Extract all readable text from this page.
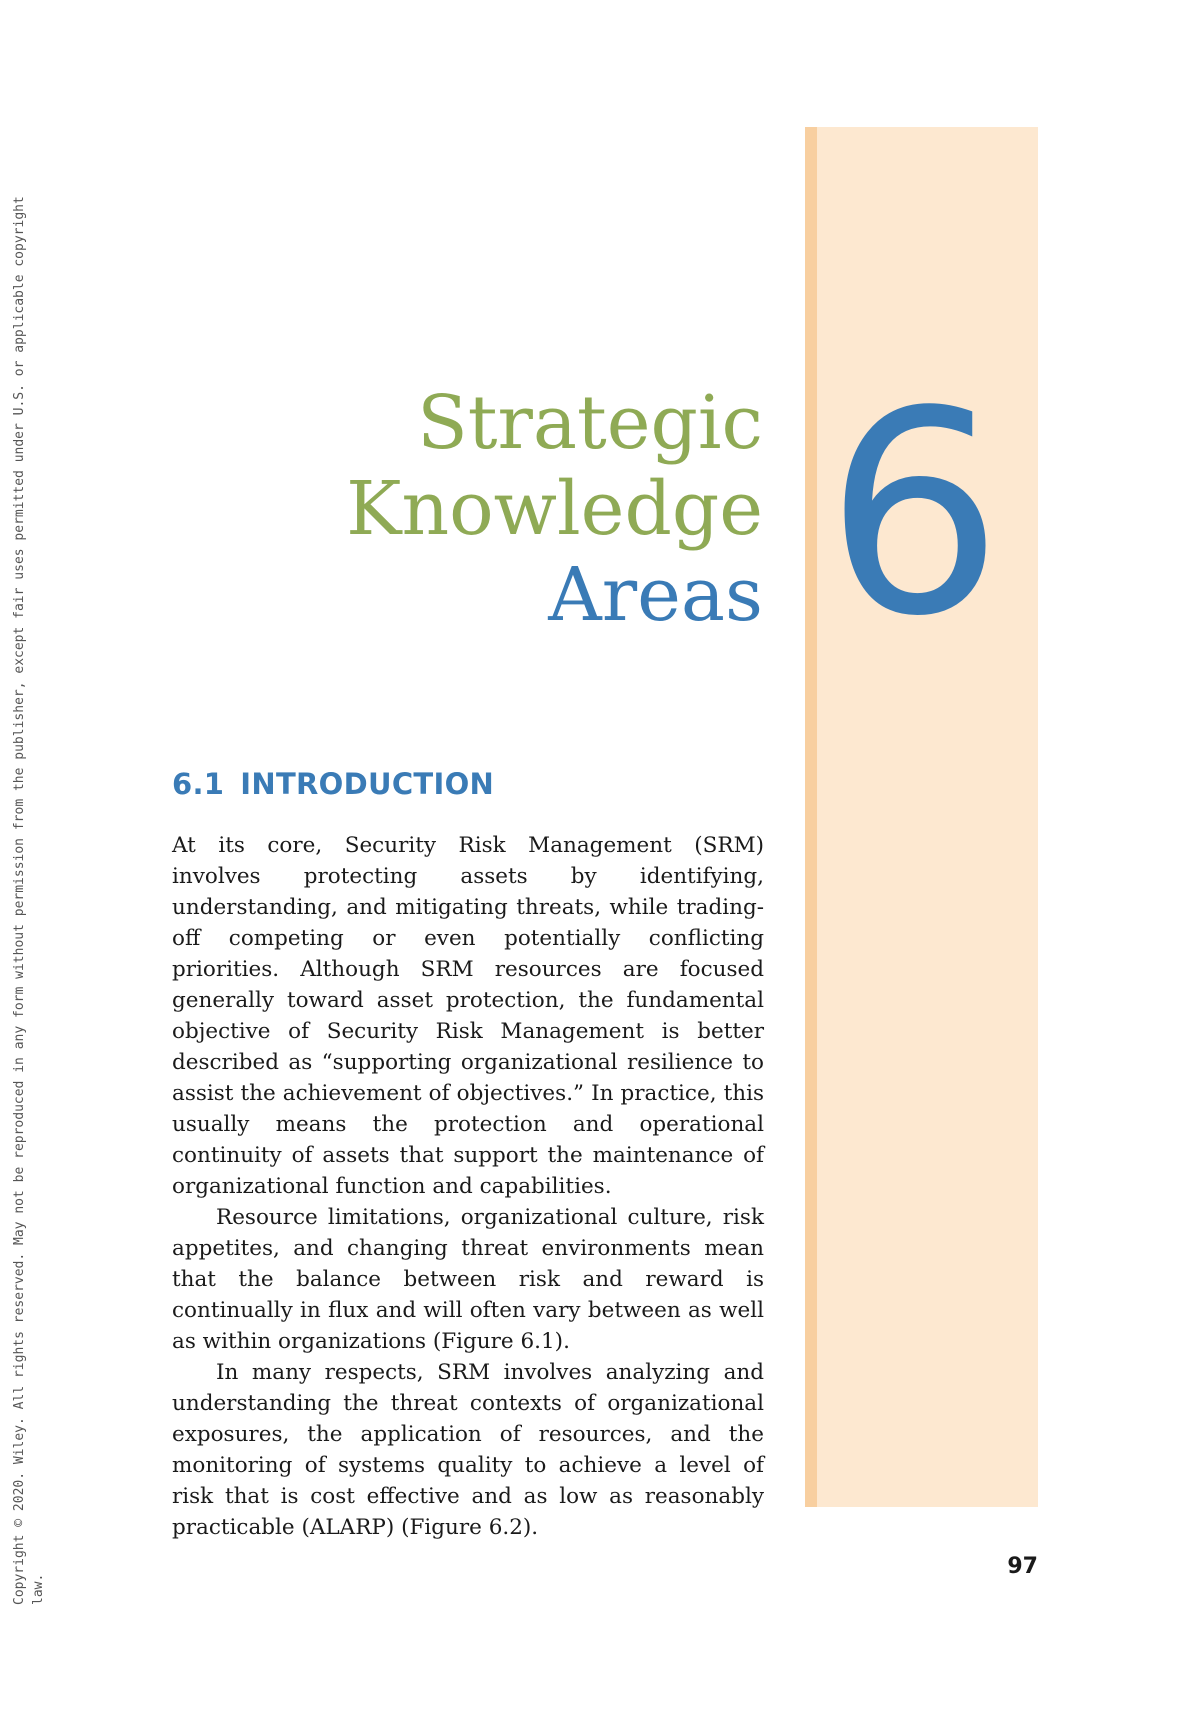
6
Strategic
Knowledge
Areas
6.1 INTRODUCTION

At its core, Security Risk Management (SRM) involves protecting assets by identifying, understanding, and mitigating threats, while trading-off competing or even potentially conflicting priorities. Although SRM resources are focused generally toward asset protection, the fundamental objective of Security Risk Management is better described as “supporting organizational resilience to assist the achievement of objectives.” In practice, this usually means the protection and operational continuity of assets that support the maintenance of organizational function and capabilities.

Resource limitations, organizational culture, risk appetites, and changing threat environments mean that the balance between risk and reward is continually in flux and will often vary between as well as within organizations (Figure 6.1).

In many respects, SRM involves analyzing and understanding the threat contexts of organizational exposures, the application of resources, and the monitoring of systems quality to achieve a level of risk that is cost effective and as low as reasonably practicable (ALARP) (Figure 6.2).

97
Copyright © 2020. Wiley. All rights reserved. May not be reproduced in any form without permission from the publisher, except fair uses permitted under U.S. or applicable copyright law.
